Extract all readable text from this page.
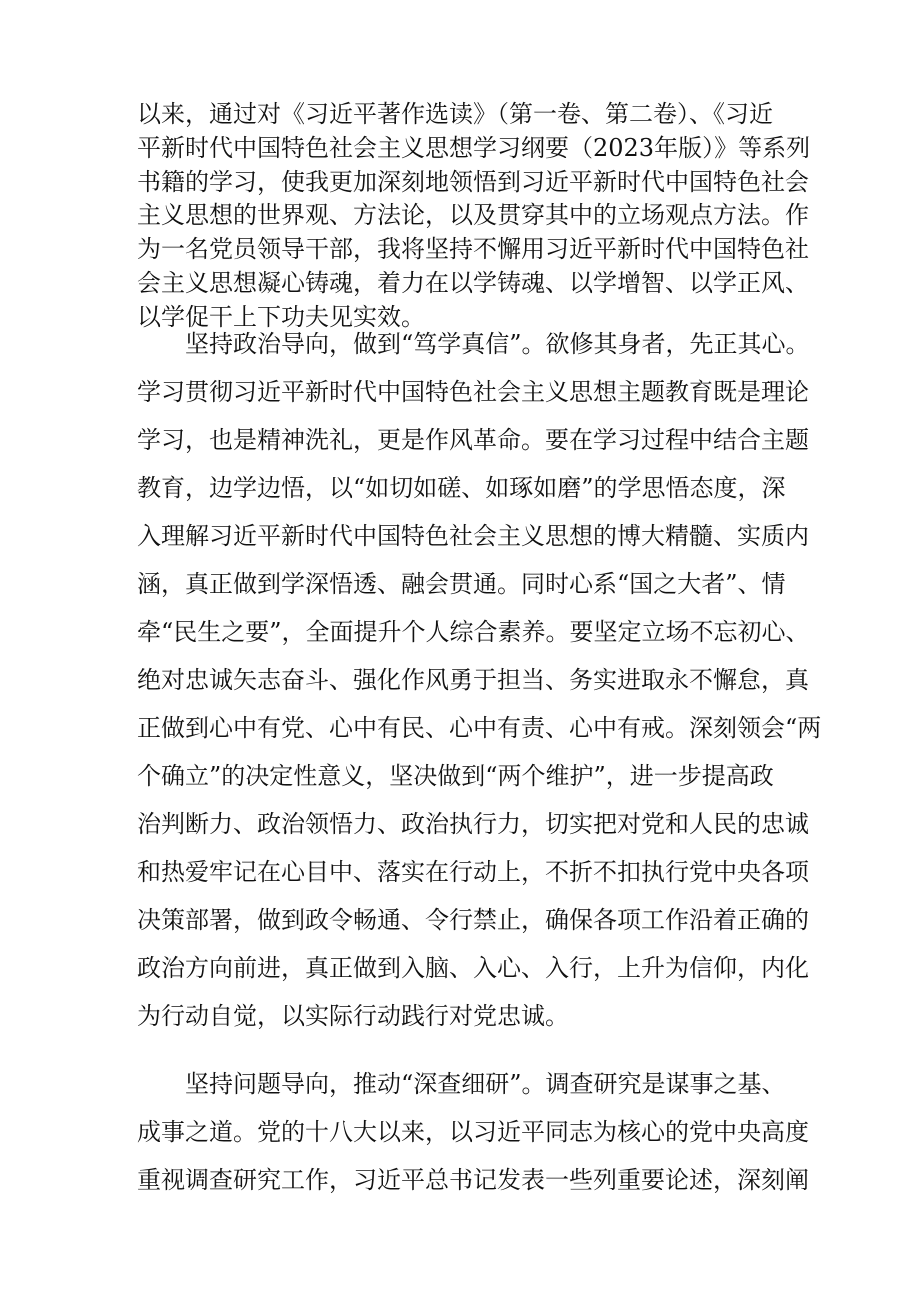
以来，通过对《习近平著作选读》（第一卷、第二卷）、《习近

平新时代中国特色社会主义思想学习纲要（2023年版）》等系列

书籍的学习，使我更加深刻地领悟到习近平新时代中国特色社会

主义思想的世界观、方法论，以及贯穿其中的立场观点方法。作

为一名党员领导干部，我将坚持不懈用习近平新时代中国特色社

会主义思想凝心铸魂，着力在以学铸魂、以学增智、以学正风、

以学促干上下功夫见实效。

坚持政治导向，做到“笃学真信”。欲修其身者，先正其心。

学习贯彻习近平新时代中国特色社会主义思想主题教育既是理论

学习，也是精神洗礼，更是作风革命。要在学习过程中结合主题

教育，边学边悟，以“如切如磋、如琢如磨”的学思悟态度，深

入理解习近平新时代中国特色社会主义思想的博大精髓、实质内

涵，真正做到学深悟透、融会贯通。同时心系“国之大者”、情

牵“民生之要”，全面提升个人综合素养。要坚定立场不忘初心、

绝对忠诚矢志奋斗、强化作风勇于担当、务实进取永不懈怠，真

正做到心中有党、心中有民、心中有责、心中有戒。深刻领会“两

个确立”的决定性意义，坚决做到“两个维护”，进一步提高政

治判断力、政治领悟力、政治执行力，切实把对党和人民的忠诚

和热爱牢记在心目中、落实在行动上，不折不扣执行党中央各项

决策部署，做到政令畅通、令行禁止，确保各项工作沿着正确的

政治方向前进，真正做到入脑、入心、入行，上升为信仰，内化

为行动自觉，以实际行动践行对党忠诚。

坚持问题导向，推动“深查细研”。调查研究是谋事之基、

成事之道。党的十八大以来，以习近平同志为核心的党中央高度

重视调查研究工作，习近平总书记发表一些列重要论述，深刻阐
